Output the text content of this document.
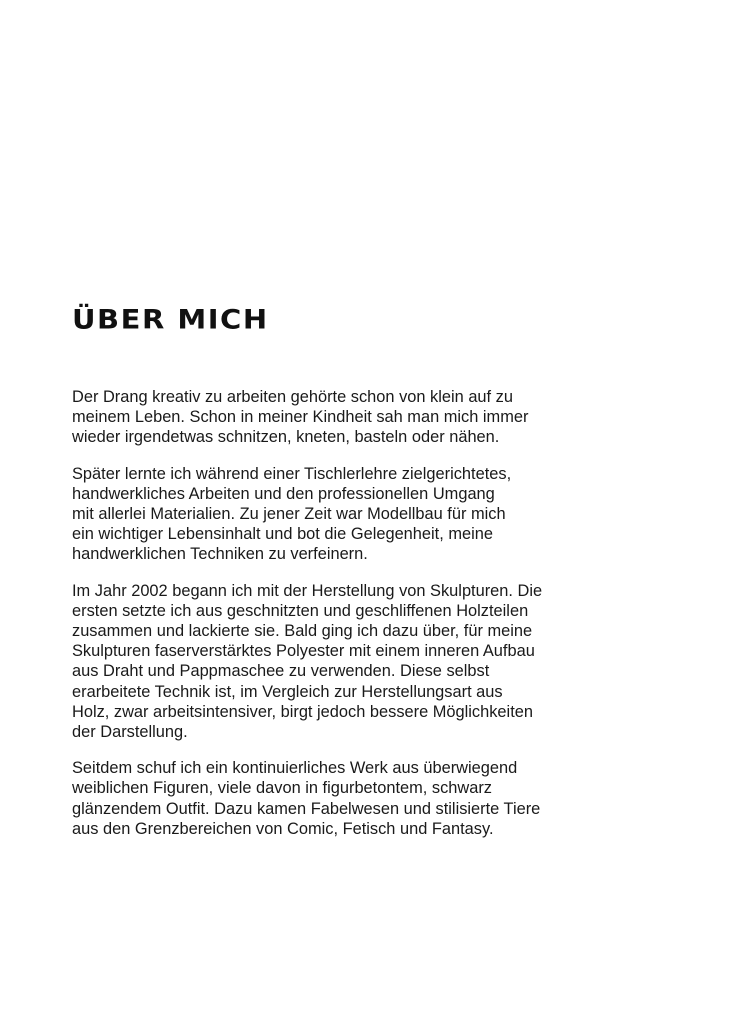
ÜBER MICH

Der Drang kreativ zu arbeiten gehörte schon von klein auf zu
meinem Leben. Schon in meiner Kindheit sah man mich immer
wieder irgendetwas schnitzen, kneten, basteln oder nähen.

Später lernte ich während einer Tischlerlehre zielgerichtetes,
handwerkliches Arbeiten und den professionellen Umgang
mit allerlei Materialien. Zu jener Zeit war Modellbau für mich
ein wichtiger Lebensinhalt und bot die Gelegenheit, meine
handwerklichen Techniken zu verfeinern.

Im Jahr 2002 begann ich mit der Herstellung von Skulpturen. Die
ersten setzte ich aus geschnitzten und geschliffenen Holzteilen
zusammen und lackierte sie. Bald ging ich dazu über, für meine
Skulpturen faserverstärktes Polyester mit einem inneren Aufbau
aus Draht und Pappmaschee zu verwenden. Diese selbst
erarbeitete Technik ist, im Vergleich zur Herstellungsart aus
Holz, zwar arbeitsintensiver, birgt jedoch bessere Möglichkeiten
der Darstellung.

Seitdem schuf ich ein kontinuierliches Werk aus überwiegend
weiblichen Figuren, viele davon in figurbetontem, schwarz
glänzendem Outfit. Dazu kamen Fabelwesen und stilisierte Tiere
aus den Grenzbereichen von Comic, Fetisch und Fantasy.
